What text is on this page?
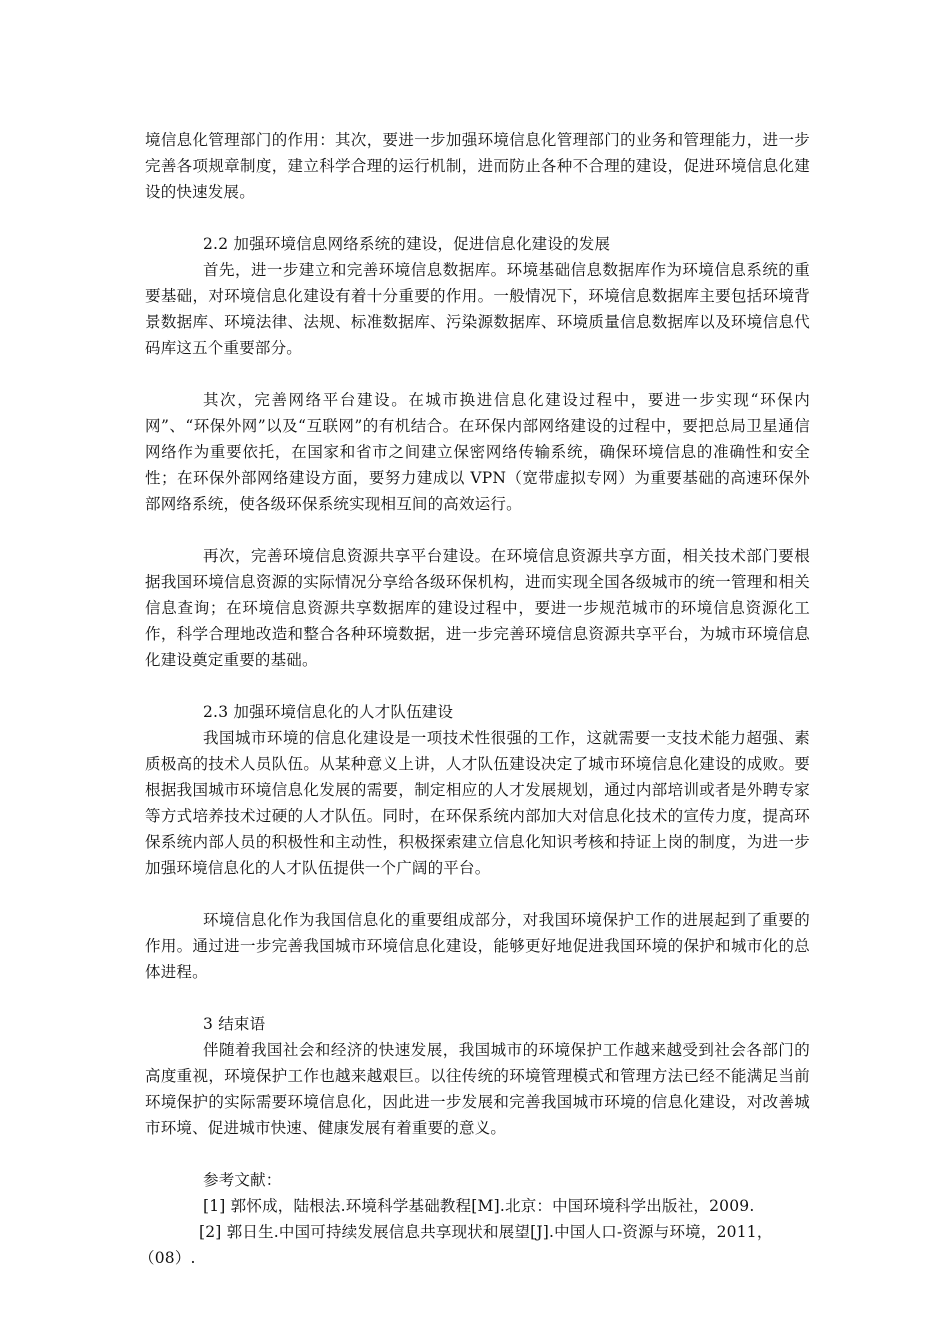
境信息化管理部门的作用：其次，要进一步加强环境信息化管理部门的业务和管理能力，进一步完善各项规章制度，建立科学合理的运行机制，进而防止各种不合理的建设，促进环境信息化建设的快速发展。

2.2 加强环境信息网络系统的建设，促进信息化建设的发展

首先，进一步建立和完善环境信息数据库。环境基础信息数据库作为环境信息系统的重要基础，对环境信息化建设有着十分重要的作用。一般情况下，环境信息数据库主要包括环境背景数据库、环境法律、法规、标准数据库、污染源数据库、环境质量信息数据库以及环境信息代码库这五个重要部分。

其次，完善网络平台建设。在城市换进信息化建设过程中，要进一步实现“环保内网”、“环保外网”以及“互联网”的有机结合。在环保内部网络建设的过程中，要把总局卫星通信网络作为重要依托，在国家和省市之间建立保密网络传输系统，确保环境信息的准确性和安全性；在环保外部网络建设方面，要努力建成以 VPN（宽带虚拟专网）为重要基础的高速环保外部网络系统，使各级环保系统实现相互间的高效运行。

再次，完善环境信息资源共享平台建设。在环境信息资源共享方面，相关技术部门要根据我国环境信息资源的实际情况分享给各级环保机构，进而实现全国各级城市的统一管理和相关信息查询；在环境信息资源共享数据库的建设过程中，要进一步规范城市的环境信息资源化工作，科学合理地改造和整合各种环境数据，进一步完善环境信息资源共享平台，为城市环境信息化建设奠定重要的基础。

2.3 加强环境信息化的人才队伍建设

我国城市环境的信息化建设是一项技术性很强的工作，这就需要一支技术能力超强、素质极高的技术人员队伍。从某种意义上讲，人才队伍建设决定了城市环境信息化建设的成败。要根据我国城市环境信息化发展的需要，制定相应的人才发展规划，通过内部培训或者是外聘专家等方式培养技术过硬的人才队伍。同时，在环保系统内部加大对信息化技术的宣传力度，提高环保系统内部人员的积极性和主动性，积极探索建立信息化知识考核和持证上岗的制度，为进一步加强环境信息化的人才队伍提供一个广阔的平台。

环境信息化作为我国信息化的重要组成部分，对我国环境保护工作的进展起到了重要的作用。通过进一步完善我国城市环境信息化建设，能够更好地促进我国环境的保护和城市化的总体进程。

3 结束语

伴随着我国社会和经济的快速发展，我国城市的环境保护工作越来越受到社会各部门的高度重视，环境保护工作也越来越艰巨。以往传统的环境管理模式和管理方法已经不能满足当前环境保护的实际需要环境信息化，因此进一步发展和完善我国城市环境的信息化建设，对改善城市环境、促进城市快速、健康发展有着重要的意义。

参考文献：

[1] 郭怀成，陆根法.环境科学基础教程[M].北京：中国环境科学出版社，2009.

[2] 郭日生.中国可持续发展信息共享现状和展望[J].中国人口-资源与环境，2011，（08）.
